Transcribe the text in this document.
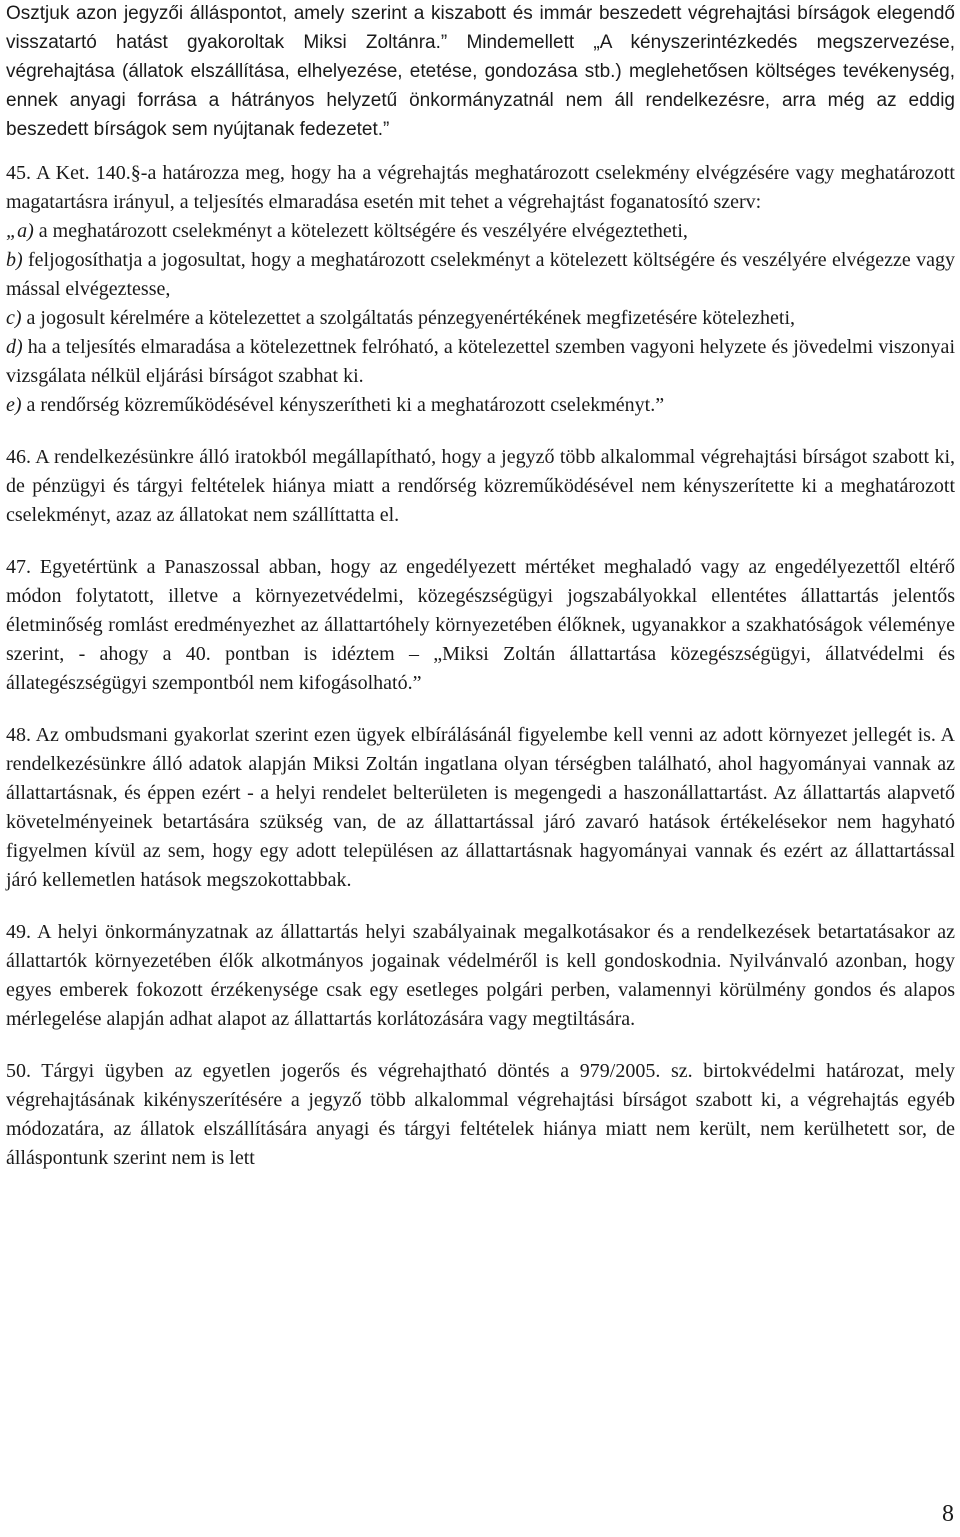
Osztjuk azon jegyzői álláspontot, amely szerint a kiszabott és immár beszedett végrehajtási bírságok elegendő visszatartó hatást gyakoroltak Miksi Zoltánra.” Mindemellett „A kényszerintézkedés megszervezése, végrehajtása (állatok elszállítása, elhelyezése, etetése, gondozása stb.) meglehetősen költséges tevékenység, ennek anyagi forrása a hátrányos helyzetű önkormányzatnál nem áll rendelkezésre, arra még az eddig beszedett bírságok sem nyújtanak fedezetet.”

45. A Ket. 140.§-a határozza meg, hogy ha a végrehajtás meghatározott cselekmény elvégzésére vagy meghatározott magatartásra irányul, a teljesítés elmaradása esetén mit tehet a végrehajtást foganatosító szerv:
„a) a meghatározott cselekményt a kötelezett költségére és veszélyére elvégeztetheti,
b) feljogosíthatja a jogosultat, hogy a meghatározott cselekményt a kötelezett költségére és veszélyére elvégezze vagy mással elvégeztesse,
c) a jogosult kérelmére a kötelezettet a szolgáltatás pénzegyenértékének megfizetésére kötelezheti,
d) ha a teljesítés elmaradása a kötelezettnek felróható, a kötelezettel szemben vagyoni helyzete és jövedelmi viszonyai vizsgálata nélkül eljárási bírságot szabhat ki.
e) a rendőrség közreműködésével kényszerítheti ki a meghatározott cselekményt.”

46. A rendelkezésünkre álló iratokból megállapítható, hogy a jegyző több alkalommal végrehajtási bírságot szabott ki, de pénzügyi és tárgyi feltételek hiánya miatt a rendőrség közreműködésével nem kényszerítette ki a meghatározott cselekményt, azaz az állatokat nem szállíttatta el.

47. Egyetértünk a Panaszossal abban, hogy az engedélyezett mértéket meghaladó vagy az engedélyezettől eltérő módon folytatott, illetve a környezetvédelmi, közegészségügyi jogszabályokkal ellentétes állattartás jelentős életminőség romlást eredményezhet az állattartóhely környezetében élőknek, ugyanakkor a szakhatóságok véleménye szerint, - ahogy a 40. pontban is idéztem – „Miksi Zoltán állattartása közegészségügyi, állatvédelmi és állategészségügyi szempontból nem kifogásolható.”

48. Az ombudsmani gyakorlat szerint ezen ügyek elbírálásánál figyelembe kell venni az adott környezet jellegét is. A rendelkezésünkre álló adatok alapján Miksi Zoltán ingatlana olyan térségben található, ahol hagyományai vannak az állattartásnak, és éppen ezért - a helyi rendelet belterületen is megengedi a haszonállattartást. Az állattartás alapvető követelményeinek betartására szükség van, de az állattartással járó zavaró hatások értékelésekor nem hagyható figyelmen kívül az sem, hogy egy adott településen az állattartásnak hagyományai vannak és ezért az állattartással járó kellemetlen hatások megszokottabbak.

49. A helyi önkormányzatnak az állattartás helyi szabályainak megalkotásakor és a rendelkezések betartatásakor az állattartók környezetében élők alkotmányos jogainak védelméről is kell gondoskodnia. Nyilvánvaló azonban, hogy egyes emberek fokozott érzékenysége csak egy esetleges polgári perben, valamennyi körülmény gondos és alapos mérlegelése alapján adhat alapot az állattartás korlátozására vagy megtiltására.

50. Tárgyi ügyben az egyetlen jogerős és végrehajtható döntés a 979/2005. sz. birtokvédelmi határozat, mely végrehajtásának kikényszerítésére a jegyző több alkalommal végrehajtási bírságot szabott ki, a végrehajtás egyéb módozatára, az állatok elszállítására anyagi és tárgyi feltételek hiánya miatt nem került, nem kerülhetett sor, de álláspontunk szerint nem is lett

8
